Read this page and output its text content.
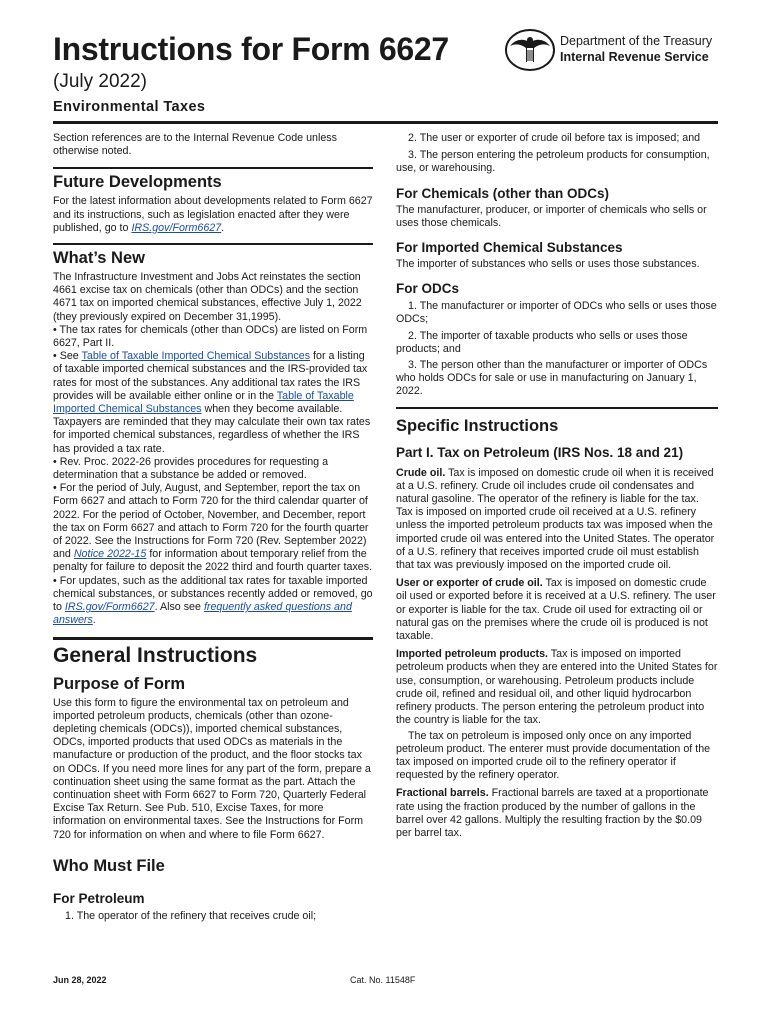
Instructions for Form 6627
(July 2022)
Environmental Taxes
Department of the Treasury
Internal Revenue Service

Section references are to the Internal Revenue Code unless otherwise noted.

Future Developments

For the latest information about developments related to Form 6627 and its instructions, such as legislation enacted after they were published, go to IRS.gov/Form6627.

What’s New

The Infrastructure Investment and Jobs Act reinstates the section 4661 excise tax on chemicals (other than ODCs) and the section 4671 tax on imported chemical substances, effective July 1, 2022 (they previously expired on December 31,1995).

• The tax rates for chemicals (other than ODCs) are listed on Form 6627, Part II.

• See Table of Taxable Imported Chemical Substances for a listing of taxable imported chemical substances and the IRS-provided tax rates for most of the substances. Any additional tax rates the IRS provides will be available either online or in the Table of Taxable Imported Chemical Substances when they become available. Taxpayers are reminded that they may calculate their own tax rates for imported chemical substances, regardless of whether the IRS has provided a tax rate.

• Rev. Proc. 2022-26 provides procedures for requesting a determination that a substance be added or removed.

• For the period of July, August, and September, report the tax on Form 6627 and attach to Form 720 for the third calendar quarter of 2022. For the period of October, November, and December, report the tax on Form 6627 and attach to Form 720 for the fourth quarter of 2022. See the Instructions for Form 720 (Rev. September 2022) and Notice 2022-15 for information about temporary relief from the penalty for failure to deposit the 2022 third and fourth quarter taxes.

• For updates, such as the additional tax rates for taxable imported chemical substances, or substances recently added or removed, go to IRS.gov/Form6627. Also see frequently asked questions and answers.

General Instructions
Purpose of Form

Use this form to figure the environmental tax on petroleum and imported petroleum products, chemicals (other than ozone-depleting chemicals (ODCs)), imported chemical substances, ODCs, imported products that used ODCs as materials in the manufacture or production of the product, and the floor stocks tax on ODCs. If you need more lines for any part of the form, prepare a continuation sheet using the same format as the part. Attach the continuation sheet with Form 6627 to Form 720, Quarterly Federal Excise Tax Return. See Pub. 510, Excise Taxes, for more information on environmental taxes. See the Instructions for Form 720 for information on when and where to file Form 6627.

Who Must File
For Petroleum

1. The operator of the refinery that receives crude oil;

2. The user or exporter of crude oil before tax is imposed; and

3. The person entering the petroleum products for consumption, use, or warehousing.

For Chemicals (other than ODCs)

The manufacturer, producer, or importer of chemicals who sells or uses those chemicals.

For Imported Chemical Substances

The importer of substances who sells or uses those substances.

For ODCs

1. The manufacturer or importer of ODCs who sells or uses those ODCs;

2. The importer of taxable products who sells or uses those products; and

3. The person other than the manufacturer or importer of ODCs who holds ODCs for sale or use in manufacturing on January 1, 2022.

Specific Instructions
Part I. Tax on Petroleum (IRS Nos. 18 and 21)

Crude oil. Tax is imposed on domestic crude oil when it is received at a U.S. refinery. Crude oil includes crude oil condensates and natural gasoline. The operator of the refinery is liable for the tax. Tax is imposed on imported crude oil received at a U.S. refinery unless the imported petroleum products tax was imposed when the imported crude oil was entered into the United States. The operator of a U.S. refinery that receives imported crude oil must establish that tax was previously imposed on the imported crude oil.

User or exporter of crude oil. Tax is imposed on domestic crude oil used or exported before it is received at a U.S. refinery. The user or exporter is liable for the tax. Crude oil used for extracting oil or natural gas on the premises where the crude oil is produced is not taxable.

Imported petroleum products. Tax is imposed on imported petroleum products when they are entered into the United States for use, consumption, or warehousing. Petroleum products include crude oil, refined and residual oil, and other liquid hydrocarbon refinery products. The person entering the petroleum product into the country is liable for the tax.

The tax on petroleum is imposed only once on any imported petroleum product. The enterer must provide documentation of the tax imposed on imported crude oil to the refinery operator if requested by the refinery operator.

Fractional barrels. Fractional barrels are taxed at a proportionate rate using the fraction produced by the number of gallons in the barrel over 42 gallons. Multiply the resulting fraction by the $0.09 per barrel tax.

Jun 28, 2022	Cat. No. 11548F
